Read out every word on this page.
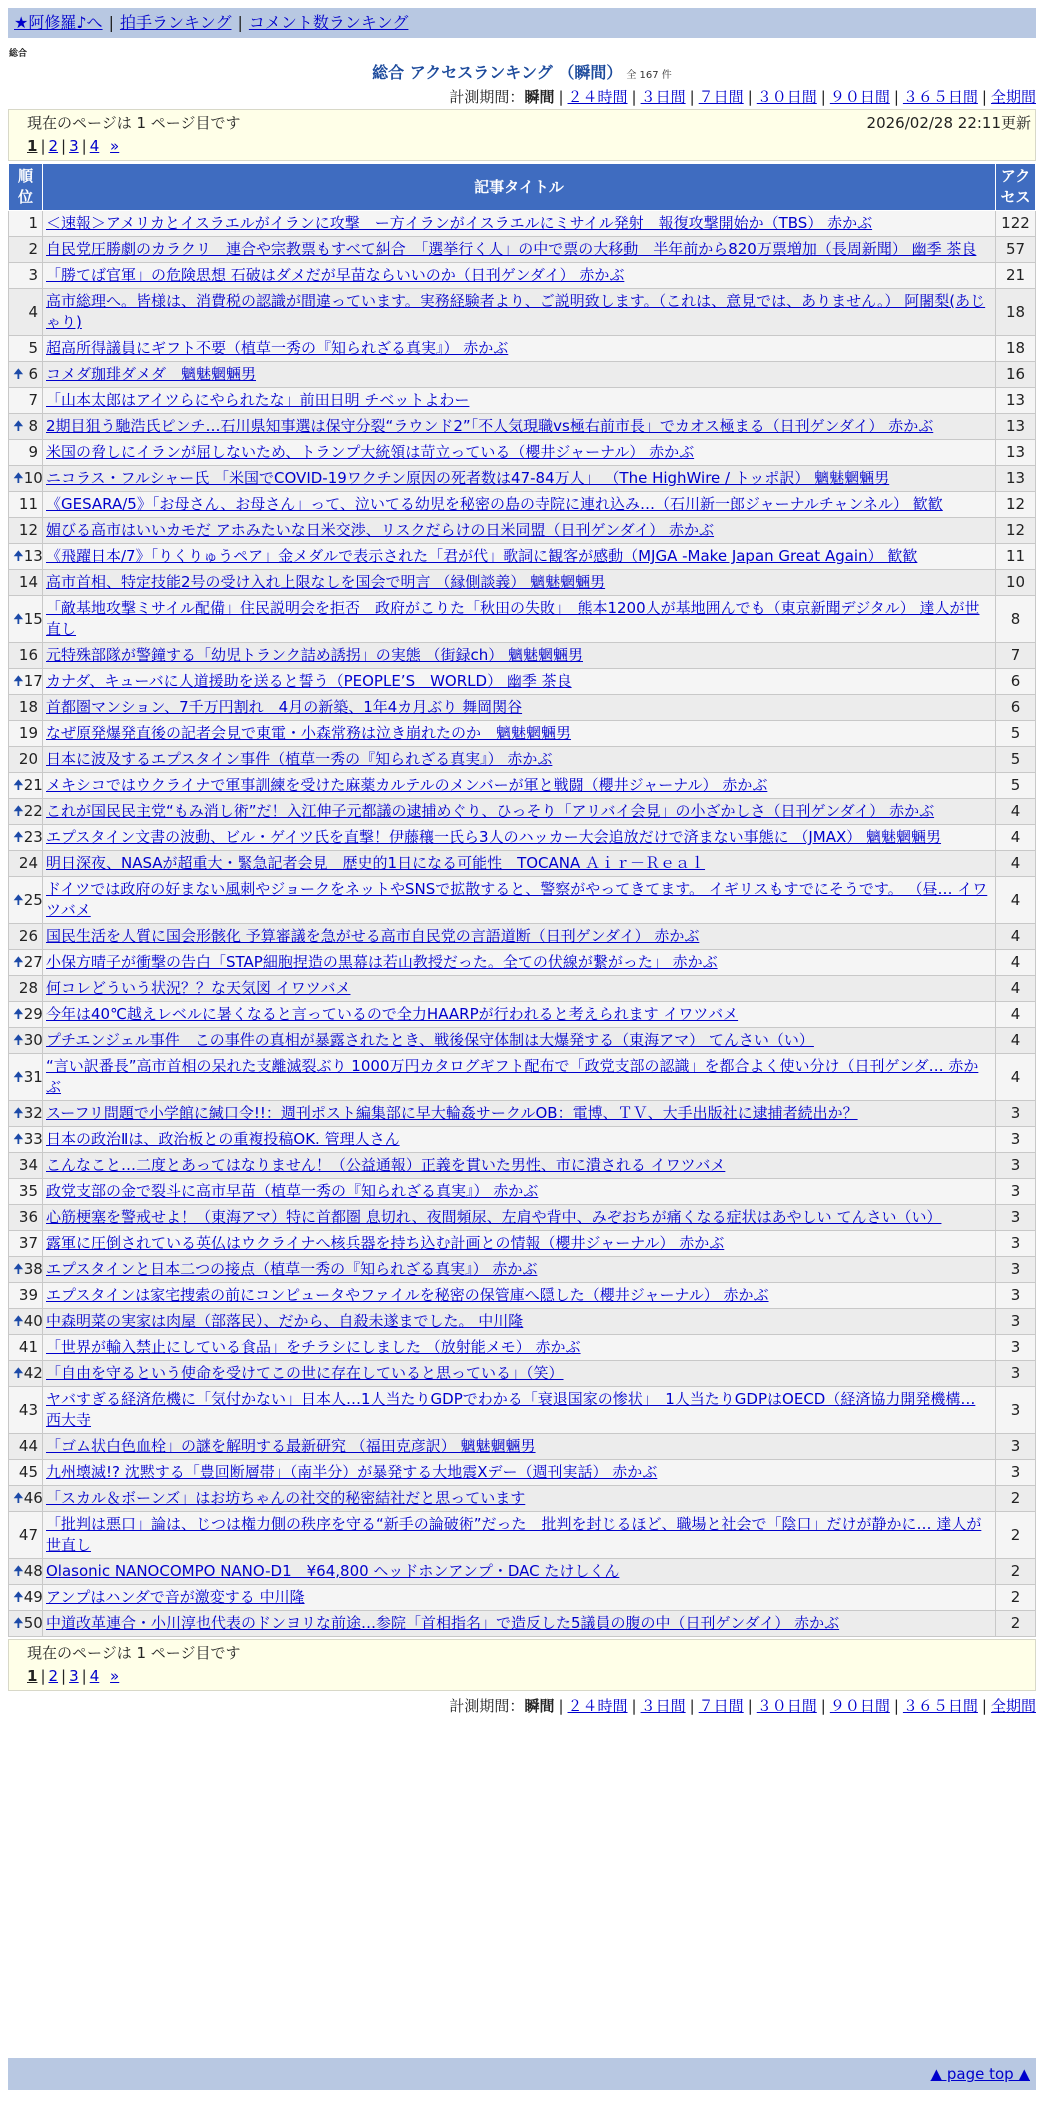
★阿修羅♪へ | 拍手ランキング | コメント数ランキング
総合
総合 アクセスランキング （瞬間） 全 167 件
計測期間：瞬間 | ２４時間 | ３日間 | ７日間 | ３０日間 | ９０日間 | ３６５日間 | 全期間
現在のページは 1 ページ目です	2026/02/28 22:11更新
1 | 2 | 3 | 4 »
順位	記事タイトル	アクセス
1	＜速報＞アメリカとイスラエルがイランに攻撃　ー方イランがイスラエルにミサイル発射　報復攻撃開始か（TBS） 赤かぶ	122
2	自民党圧勝劇のカラクリ　連合や宗教票もすべて糾合　「選挙行く人」の中で票の大移動　半年前から820万票増加（長周新聞） 幽季 茶良	57
3	「勝てば官軍」の危険思想 石破はダメだが早苗ならいいのか（日刊ゲンダイ） 赤かぶ	21
4	高市総理へ。皆様は、消費税の認識が間違っています。実務経験者より、ご説明致します。（これは、意見では、ありません。） 阿闍梨(あじゃり)	18
5	超高所得議員にギフト不要（植草一秀の『知られざる真実』） 赤かぶ	18

🠉 6	コメダ珈琲ダメダ　魑魅魍魎男	16
7	「山本太郎はアイツらにやられたな」前田日明 チベットよわー	13

🠉 8	2期目狙う馳浩氏ピンチ…石川県知事選は保守分裂“ラウンド2”「不人気現職vs極右前市長」でカオス極まる（日刊ゲンダイ） 赤かぶ	13
9	米国の脅しにイランが屈しないため、トランプ大統領は苛立っている（櫻井ジャーナル） 赤かぶ	13

🠉 10	ニコラス・フルシャー氏 「米国でCOVID-19ワクチン原因の死者数は47-84万人」 （The HighWire / トッポ訳） 魑魅魍魎男	13
11	《GESARA/5》「お母さん、お母さん」って、泣いてる幼児を秘密の島の寺院に連れ込み…（石川新一郎ジャーナルチャンネル） 歓歓	12
12	媚びる高市はいいカモだ アホみたいな日米交渉、リスクだらけの日米同盟（日刊ゲンダイ） 赤かぶ	12

🠉 13	《飛躍日本/7》「りくりゅうペア」金メダルで表示された「君が代」歌詞に観客が感動（MJGA -Make Japan Great Again） 歓歓	11
14	高市首相、特定技能2号の受け入れ上限なしを国会で明言 （縁側談義） 魑魅魍魎男	10

🠉 15	「敵基地攻撃ミサイル配備」住民説明会を拒否　政府がこりた「秋田の失敗」　熊本1200人が基地囲んでも（東京新聞デジタル） 達人が世直し	8
16	元特殊部隊が警鐘する「幼児トランク詰め誘拐」の実態 （街録ch） 魑魅魍魎男	7

🠉 17	カナダ、キューバに人道援助を送ると誓う（PEOPLE’S　WORLD） 幽季 茶良	6
18	首都圏マンション、7千万円割れ　4月の新築、1年4カ月ぶり 舞岡関谷	6
19	なぜ原発爆発直後の記者会見で東電・小森常務は泣き崩れたのか　魑魅魍魎男	5
20	日本に波及するエプスタイン事件（植草一秀の『知られざる真実』） 赤かぶ	5

🠉 21	メキシコではウクライナで軍事訓練を受けた麻薬カルテルのメンバーが軍と戦闘（櫻井ジャーナル） 赤かぶ	5

🠉 22	これが国民民主党“もみ消し術”だ！入江伸子元都議の逮捕めぐり、ひっそり「アリバイ会見」の小ざかしさ（日刊ゲンダイ） 赤かぶ	4

🠉 23	エプスタイン文書の波動、ビル・ゲイツ氏を直撃！伊藤穰一氏ら3人のハッカー大会追放だけで済まない事態に （JMAX） 魑魅魍魎男	4
24	明日深夜、NASAが超重大・緊急記者会見　歴史的1日になる可能性　TOCANA Ａｉｒ－Ｒｅａｌ	4

🠉 25	ドイツでは政府の好まない風刺やジョークをネットやSNSで拡散すると、警察がやってきてます。 イギリスもすでにそうです。 （昼… イワツバメ	4
26	国民生活を人質に国会形骸化 予算審議を急がせる高市自民党の言語道断（日刊ゲンダイ） 赤かぶ	4

🠉 27	小保方晴子が衝撃の告白「STAP細胞捏造の黒幕は若山教授だった。全ての伏線が繋がった」 赤かぶ	4
28	何コレどういう状況？？な天気図 イワツバメ	4

🠉 29	今年は40℃越えレベルに暑くなると言っているので全力HAARPが行われると考えられます イワツバメ	4

🠉 30	プチエンジェル事件　この事件の真相が暴露されたとき、戦後保守体制は大爆発する（東海アマ） てんさい（い）	4

🠉 31	“言い訳番長”高市首相の呆れた支離滅裂ぶり 1000万円カタログギフト配布で「政党支部の認識」を都合よく使い分け（日刊ゲンダ… 赤かぶ	4

🠉 32	スーフリ問題で小学館に緘口令!!：週刊ポスト編集部に早大輪姦サークルOB：電博、ＴＶ、大手出版社に逮捕者続出か？	3

🠉 33	日本の政治Ⅱは、政治板との重複投稿OK. 管理人さん	3
34	こんなこと…二度とあってはなりません！（公益通報）正義を貫いた男性、市に潰される イワツバメ	3
35	政党支部の金で裂斗に高市早苗（植草一秀の『知られざる真実』） 赤かぶ	3
36	心筋梗塞を警戒せよ！（東海アマ）特に首都圏 息切れ、夜間頻尿、左肩や背中、みぞおちが痛くなる症状はあやしい てんさい（い）	3
37	露軍に圧倒されている英仏はウクライナへ核兵器を持ち込む計画との情報（櫻井ジャーナル） 赤かぶ	3

🠉 38	エプスタインと日本二つの接点（植草一秀の『知られざる真実』） 赤かぶ	3
39	エプスタインは家宅捜索の前にコンピュータやファイルを秘密の保管庫へ隠した（櫻井ジャーナル） 赤かぶ	3

🠉 40	中森明菜の実家は肉屋（部落民）、だから、自殺未遂までした。 中川隆	3
41	「世界が輸入禁止にしている食品」をチラシにしました （放射能メモ） 赤かぶ	3

🠉 42	「自由を守るという使命を受けてこの世に存在していると思っている」（笑）	3
43	ヤバすぎる経済危機に「気付かない」日本人…1人当たりGDPでわかる「衰退国家の惨状」　1人当たりGDPはOECD（経済協力開発機構… 西大寺	3
44	「ゴム状白色血栓」の謎を解明する最新研究 （福田克彦訳） 魑魅魍魎男	3
45	九州壊滅!? 沈黙する「豊回断層帯」（南半分）が暴発する大地震Xデー（週刊実話） 赤かぶ	3

🠉 46	「スカル＆ボーンズ」はお坊ちゃんの社交的秘密結社だと思っています	2
47	「批判は悪口」論は、じつは権力側の秩序を守る“新手の論破術”だった　批判を封じるほど、職場と社会で「陰口」だけが静かに… 達人が世直し	2

🠉 48	Olasonic NANOCOMPO NANO-D1　¥64,800 ヘッドホンアンプ・DAC たけしくん	2

🠉 49	アンプはハンダで音が激変する 中川隆	2

🠉 50	中道改革連合・小川淳也代表のドンヨリな前途…参院「首相指名」で造反した5議員の腹の中（日刊ゲンダイ） 赤かぶ	2
現在のページは 1 ページ目です
1 | 2 | 3 | 4 »
計測期間：瞬間 | ２４時間 | ３日間 | ７日間 | ３０日間 | ９０日間 | ３６５日間 | 全期間
▲ page top ▲
